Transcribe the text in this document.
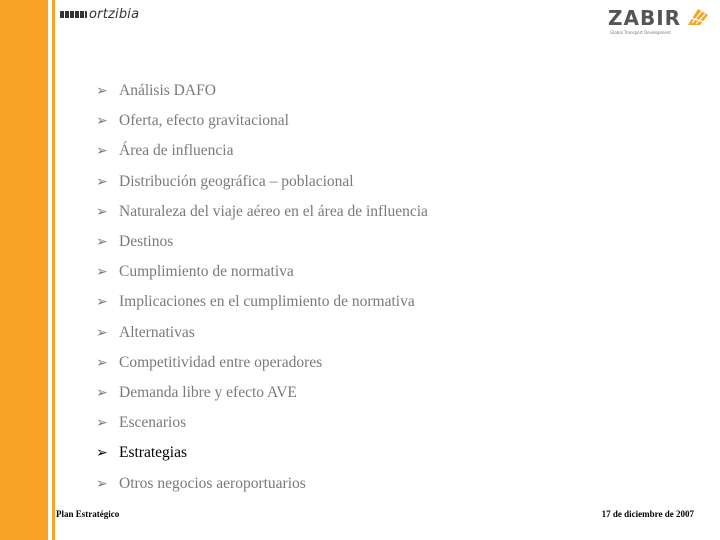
ortzibia	ZABIR
Global Transport Development
➢ Análisis DAFO
➢ Oferta, efecto gravitacional
➢ Área de influencia
➢ Distribución geográfica – poblacional
➢ Naturaleza del viaje aéreo en el área de influencia
➢ Destinos
➢ Cumplimiento de normativa
➢ Implicaciones en el cumplimiento de normativa
➢ Alternativas
➢ Competitividad entre operadores
➢ Demanda libre y efecto AVE
➢ Escenarios
➢ Estrategias
➢ Otros negocios aeroportuarios
Plan Estratégico	17 de diciembre de 2007
